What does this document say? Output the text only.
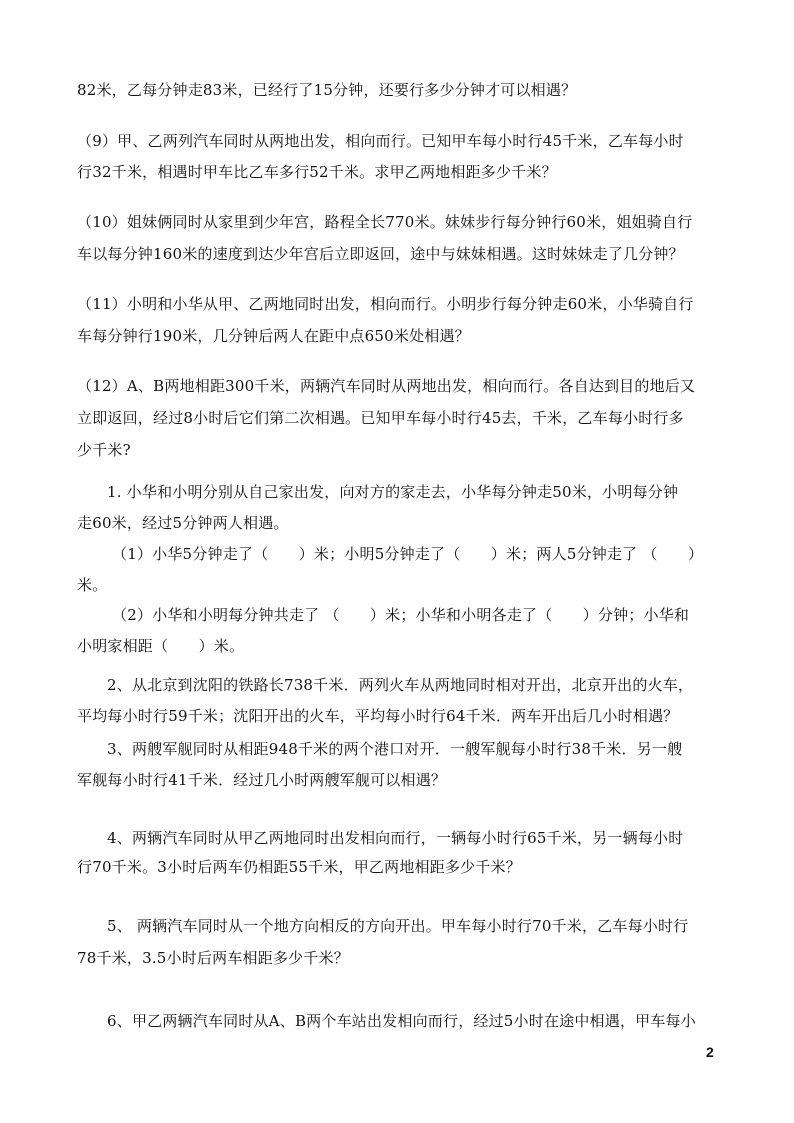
82米，乙每分钟走83米，已经行了15分钟，还要行多少分钟才可以相遇？
（9）甲、乙两列汽车同时从两地出发，相向而行。已知甲车每小时行45千米，乙车每小时
行32千米，相遇时甲车比乙车多行52千米。求甲乙两地相距多少千米？
（10）姐妹俩同时从家里到少年宫，路程全长770米。妹妹步行每分钟行60米，姐姐骑自行
车以每分钟160米的速度到达少年宫后立即返回，途中与妹妹相遇。这时妹妹走了几分钟？
（11）小明和小华从甲、乙两地同时出发，相向而行。小明步行每分钟走60米，小华骑自行
车每分钟行190米，几分钟后两人在距中点650米处相遇？
（12）A、B两地相距300千米，两辆汽车同时从两地出发，相向而行。各自达到目的地后又
立即返回，经过8小时后它们第二次相遇。已知甲车每小时行45去，千米，乙车每小时行多
少千米?
1. 小华和小明分别从自己家出发，向对方的家走去，小华每分钟走50米，小明每分钟
走60米，经过5分钟两人相遇。
（1）小华5分钟走了（　　）米；小明5分钟走了（　　）米；两人5分钟走了 （　　）
米。
（2）小华和小明每分钟共走了 （　　）米；小华和小明各走了（　　）分钟；小华和
小明家相距（　　）米。
2、从北京到沈阳的铁路长738千米．两列火车从两地同时相对开出，北京开出的火车，
平均每小时行59千米；沈阳开出的火车，平均每小时行64千米．两车开出后几小时相遇？
3、两艘军舰同时从相距948千米的两个港口对开．一艘军舰每小时行38千米．另一艘
军舰每小时行41千米．经过几小时两艘军舰可以相遇？
4、两辆汽车同时从甲乙两地同时出发相向而行，一辆每小时行65千米，另一辆每小时
行70千米。3小时后两车仍相距55千米，甲乙两地相距多少千米？
5、 两辆汽车同时从一个地方向相反的方向开出。甲车每小时行70千米，乙车每小时行
78千米，3.5小时后两车相距多少千米？
6、甲乙两辆汽车同时从A、B两个车站出发相向而行，经过5小时在途中相遇，甲车每小
2
